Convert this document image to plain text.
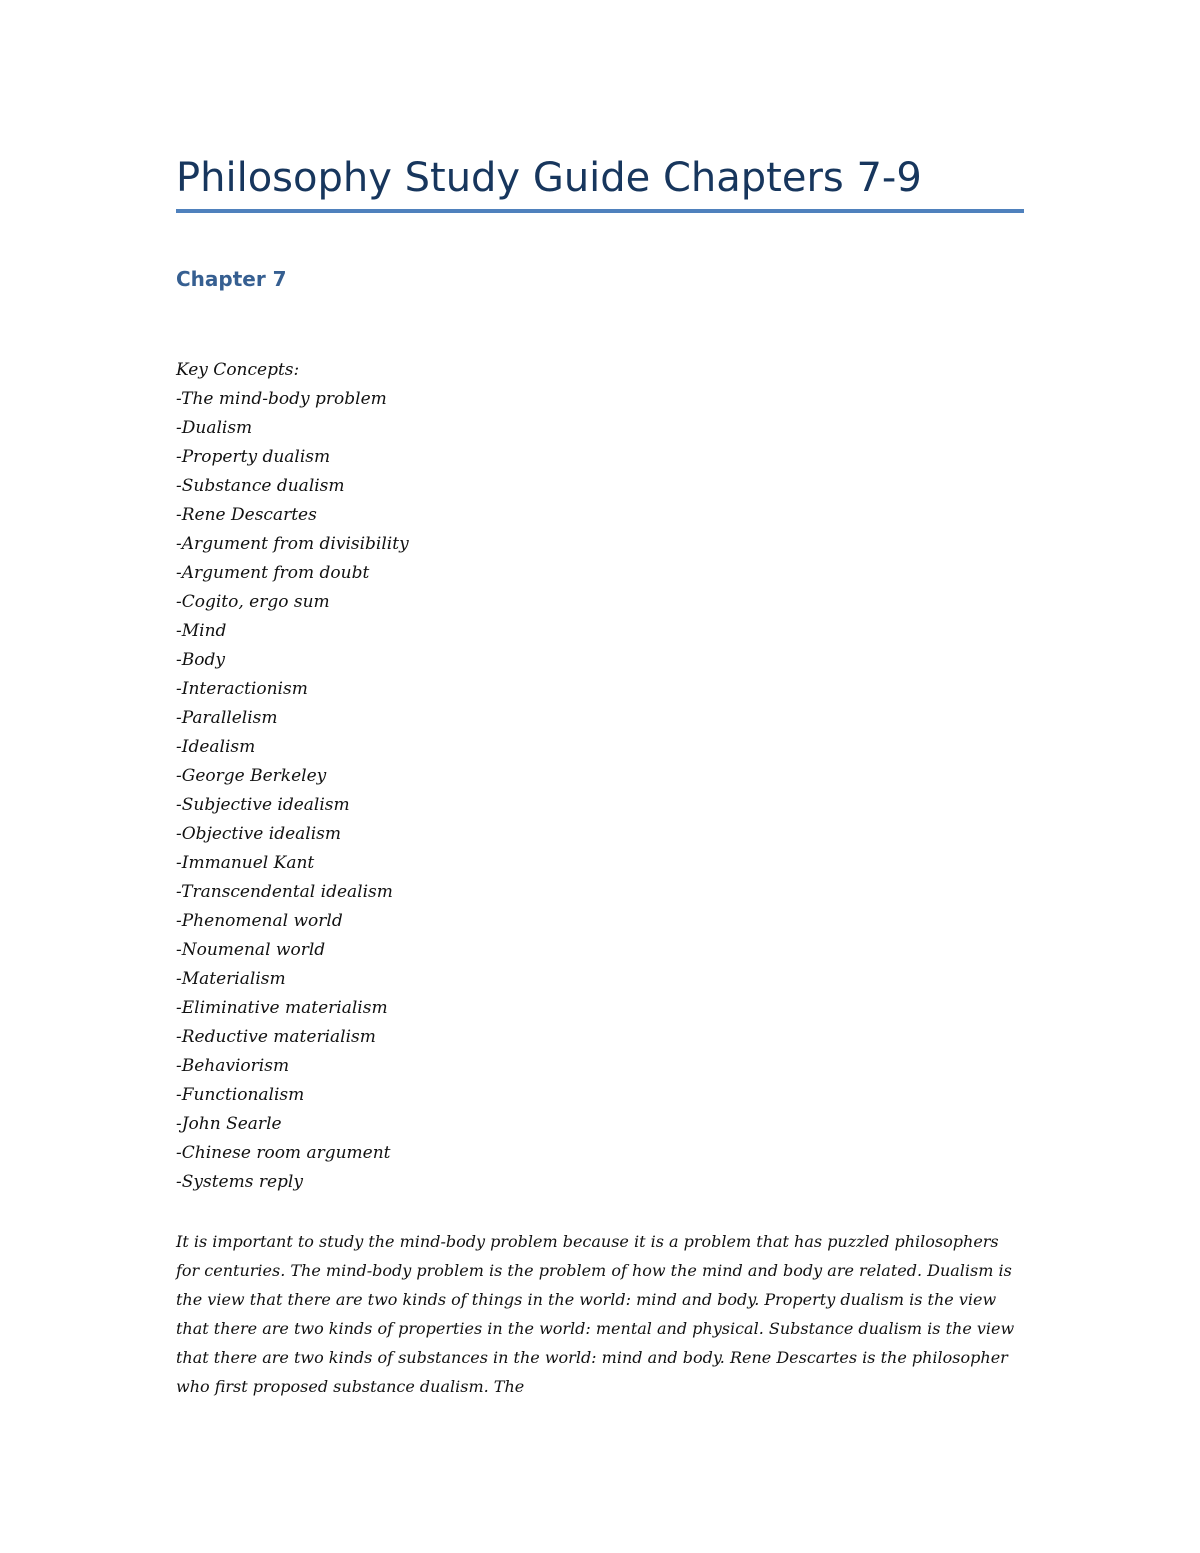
Philosophy Study Guide Chapters 7-9
Chapter 7
Key Concepts:
-The mind-body problem
-Dualism
-Property dualism
-Substance dualism
-Rene Descartes
-Argument from divisibility
-Argument from doubt
-Cogito, ergo sum
-Mind
-Body
-Interactionism
-Parallelism
-Idealism
-George Berkeley
-Subjective idealism
-Objective idealism
-Immanuel Kant
-Transcendental idealism
-Phenomenal world
-Noumenal world
-Materialism
-Eliminative materialism
-Reductive materialism
-Behaviorism
-Functionalism
-John Searle
-Chinese room argument
-Systems reply

It is important to study the mind-body problem because it is a problem that has puzzled philosophers for centuries. The mind-body problem is the problem of how the mind and body are related. Dualism is the view that there are two kinds of things in the world: mind and body. Property dualism is the view that there are two kinds of properties in the world: mental and physical. Substance dualism is the view that there are two kinds of substances in the world: mind and body. Rene Descartes is the philosopher who first proposed substance dualism. The
